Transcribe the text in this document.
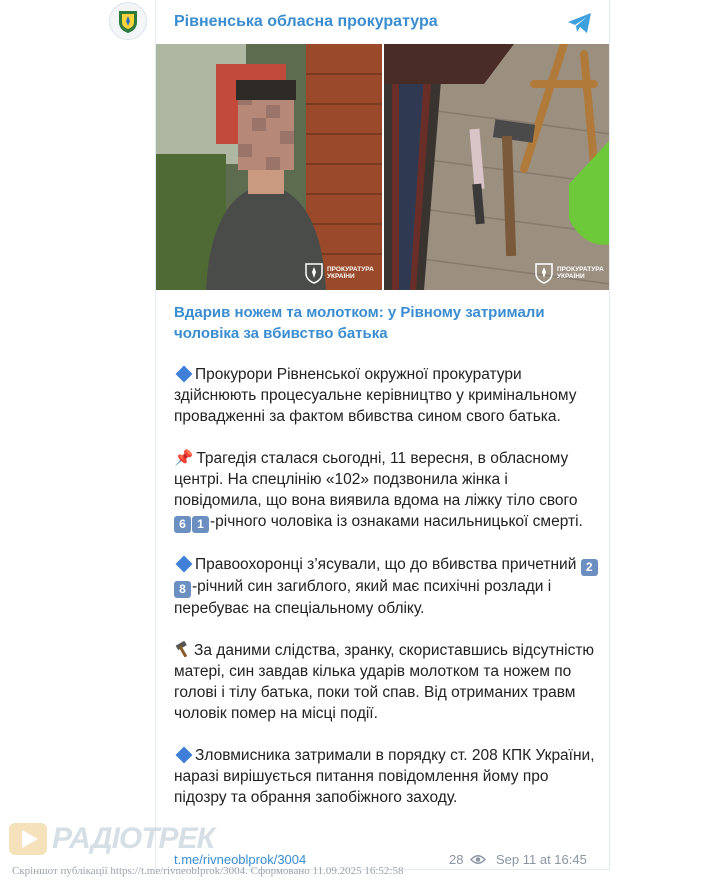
Рівненська обласна прокуратура
ПРОКУРАТУРА УКРАЇНИ
ПРОКУРАТУРА УКРАЇНИ
Вдарив ножем та молотком: у Рівному затримали чоловіка за вбивство батька

Прокурори Рівненської окружної прокуратури здійснюють процесуальне керівництво у кримінальному провадженні за фактом вбивства сином свого батька.

📌 Трагедія сталася сьогодні, 11 вересня, в обласному центрі. На спецлінію «102» подзвонила жінка і повідомила, що вона виявила вдома на ліжку тіло свого 6 1 -річного чоловіка із ознаками насильницької смерті.

Правоохоронці з’ясували, що до вбивства причетний 28 -річний син загиблого, який має психічні розлади і перебуває на спеціальному обліку.

За даними слідства, зранку, скориставшись відсутністю матері, син завдав кілька ударів молотком та ножем по голові і тілу батька, поки той спав. Від отриманих травм чоловік помер на місці події.

Зловмисника затримали в порядку ст. 208 КПК України, наразі вирішується питання повідомлення йому про підозру та обрання запобіжного заходу.

t.me/rivneoblprok/3004	28	Sep 11 at 16:45
РАДІОТРЕК
Скріншот публікації https://t.me/rivneoblprok/3004. Сформовано 11.09.2025 16:52:58
